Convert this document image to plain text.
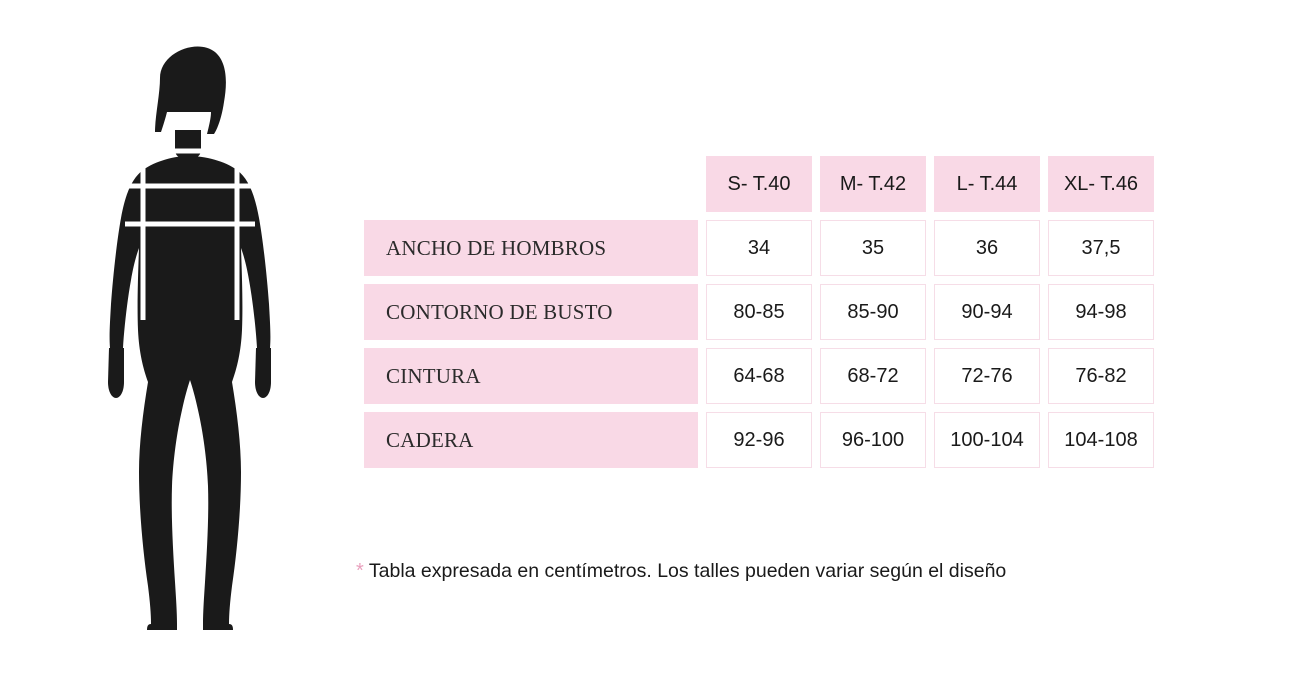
	S- T.40	M- T.42	L- T.44	XL- T.46
ANCHO DE HOMBROS	34	35	36	37,5
CONTORNO DE BUSTO	80-85	85-90	90-94	94-98
CINTURA	64-68	68-72	72-76	76-82
CADERA	92-96	96-100	100-104	104-108
* Tabla expresada en centímetros. Los talles pueden variar según el diseño
